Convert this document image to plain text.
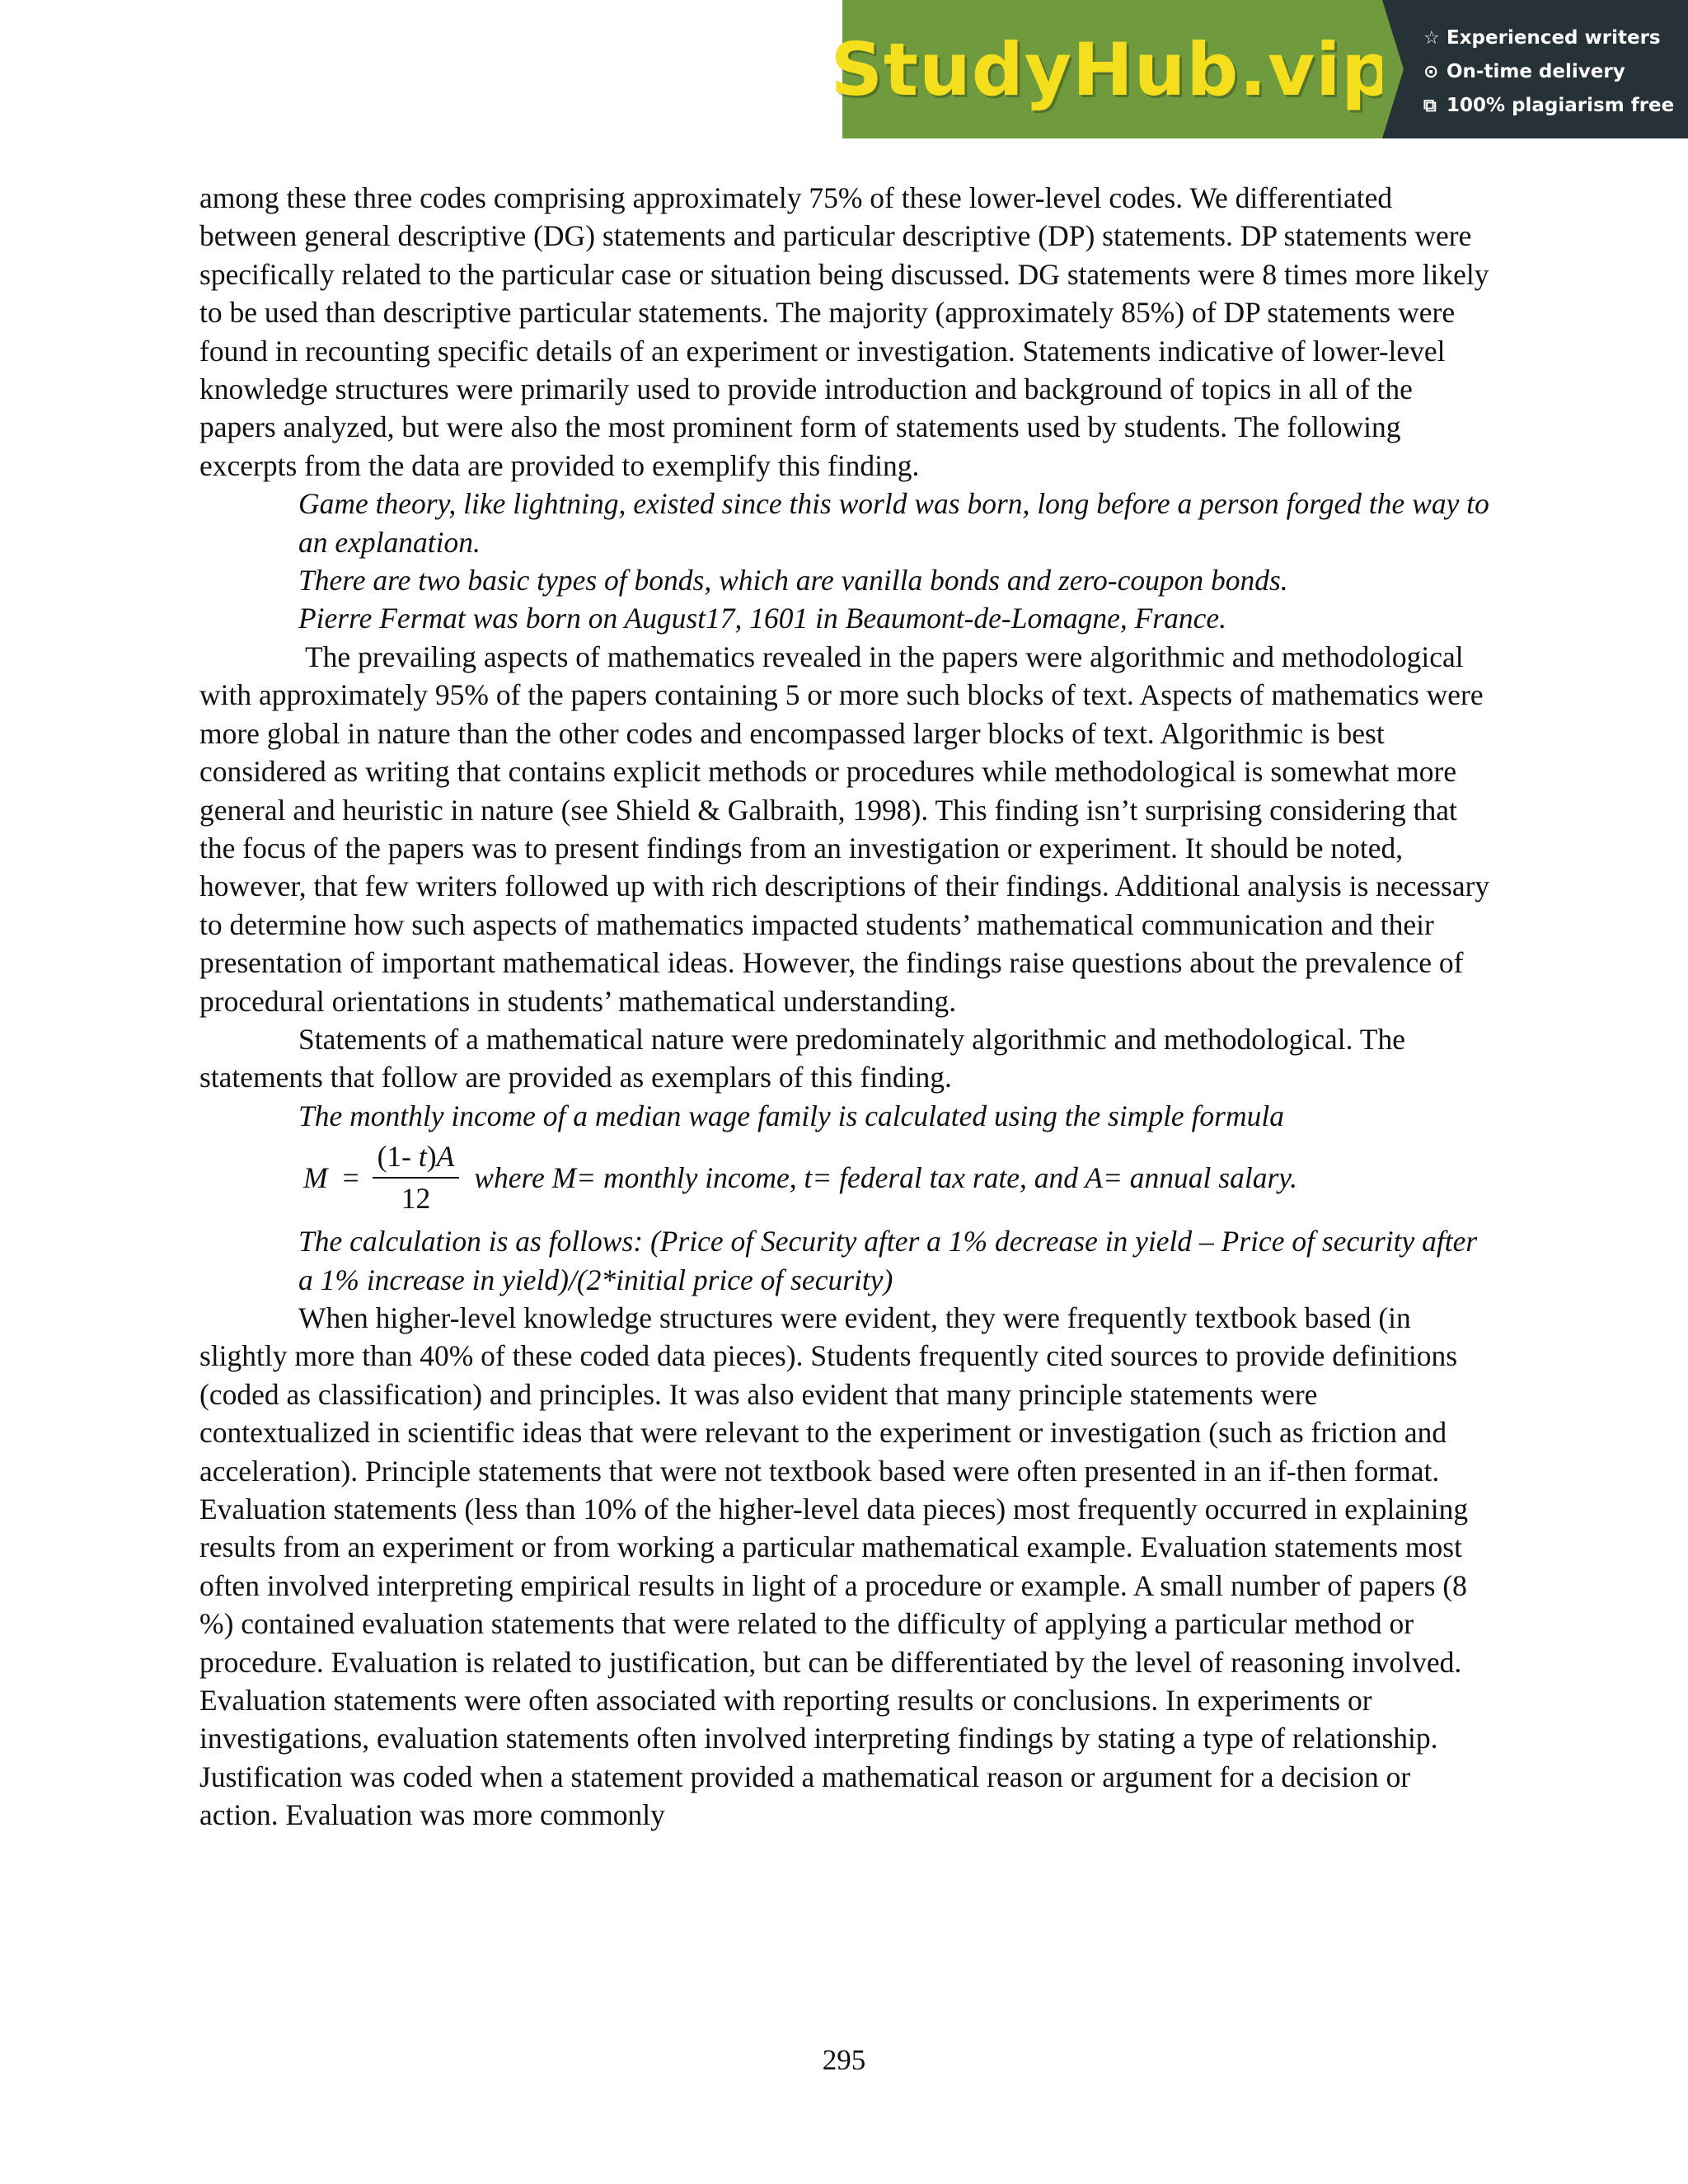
StudyHub.vip ☆ Experienced writers
⊙ On-time delivery
⧉ 100% plagiarism free

among these three codes comprising approximately 75% of these lower-level codes. We differentiated between general descriptive (DG) statements and particular descriptive (DP) statements. DP statements were specifically related to the particular case or situation being discussed. DG statements were 8 times more likely to be used than descriptive particular statements. The majority (approximately 85%) of DP statements were found in recounting specific details of an experiment or investigation. Statements indicative of lower-level knowledge structures were primarily used to provide introduction and background of topics in all of the papers analyzed, but were also the most prominent form of statements used by students. The following excerpts from the data are provided to exemplify this finding.

Game theory, like lightning, existed since this world was born, long before a person forged the way to an explanation.
There are two basic types of bonds, which are vanilla bonds and zero-coupon bonds.
Pierre Fermat was born on August17, 1601 in Beaumont-de-Lomagne, France.

The prevailing aspects of mathematics revealed in the papers were algorithmic and methodological with approximately 95% of the papers containing 5 or more such blocks of text. Aspects of mathematics were more global in nature than the other codes and encompassed larger blocks of text. Algorithmic is best considered as writing that contains explicit methods or procedures while methodological is somewhat more general and heuristic in nature (see Shield & Galbraith, 1998). This finding isn’t surprising considering that the focus of the papers was to present findings from an investigation or experiment. It should be noted, however, that few writers followed up with rich descriptions of their findings. Additional analysis is necessary to determine how such aspects of mathematics impacted students’ mathematical communication and their presentation of important mathematical ideas. However, the findings raise questions about the prevalence of procedural orientations in students’ mathematical understanding.

Statements of a mathematical nature were predominately algorithmic and methodological. The statements that follow are provided as exemplars of this finding.

The monthly income of a median wage family is calculated using the simple formula
$M = \frac{(1- t)A}{12}$ where M= monthly income, t= federal tax rate, and A= annual salary.
The calculation is as follows: (Price of Security after a 1% decrease in yield – Price of security after a 1% increase in yield)/(2*initial price of security)

When higher-level knowledge structures were evident, they were frequently textbook based (in slightly more than 40% of these coded data pieces). Students frequently cited sources to provide definitions (coded as classification) and principles. It was also evident that many principle statements were contextualized in scientific ideas that were relevant to the experiment or investigation (such as friction and acceleration). Principle statements that were not textbook based were often presented in an if-then format. Evaluation statements (less than 10% of the higher-level data pieces) most frequently occurred in explaining results from an experiment or from working a particular mathematical example. Evaluation statements most often involved interpreting empirical results in light of a procedure or example. A small number of papers (8 %) contained evaluation statements that were related to the difficulty of applying a particular method or procedure. Evaluation is related to justification, but can be differentiated by the level of reasoning involved. Evaluation statements were often associated with reporting results or conclusions. In experiments or investigations, evaluation statements often involved interpreting findings by stating a type of relationship. Justification was coded when a statement provided a mathematical reason or argument for a decision or action. Evaluation was more commonly

295
